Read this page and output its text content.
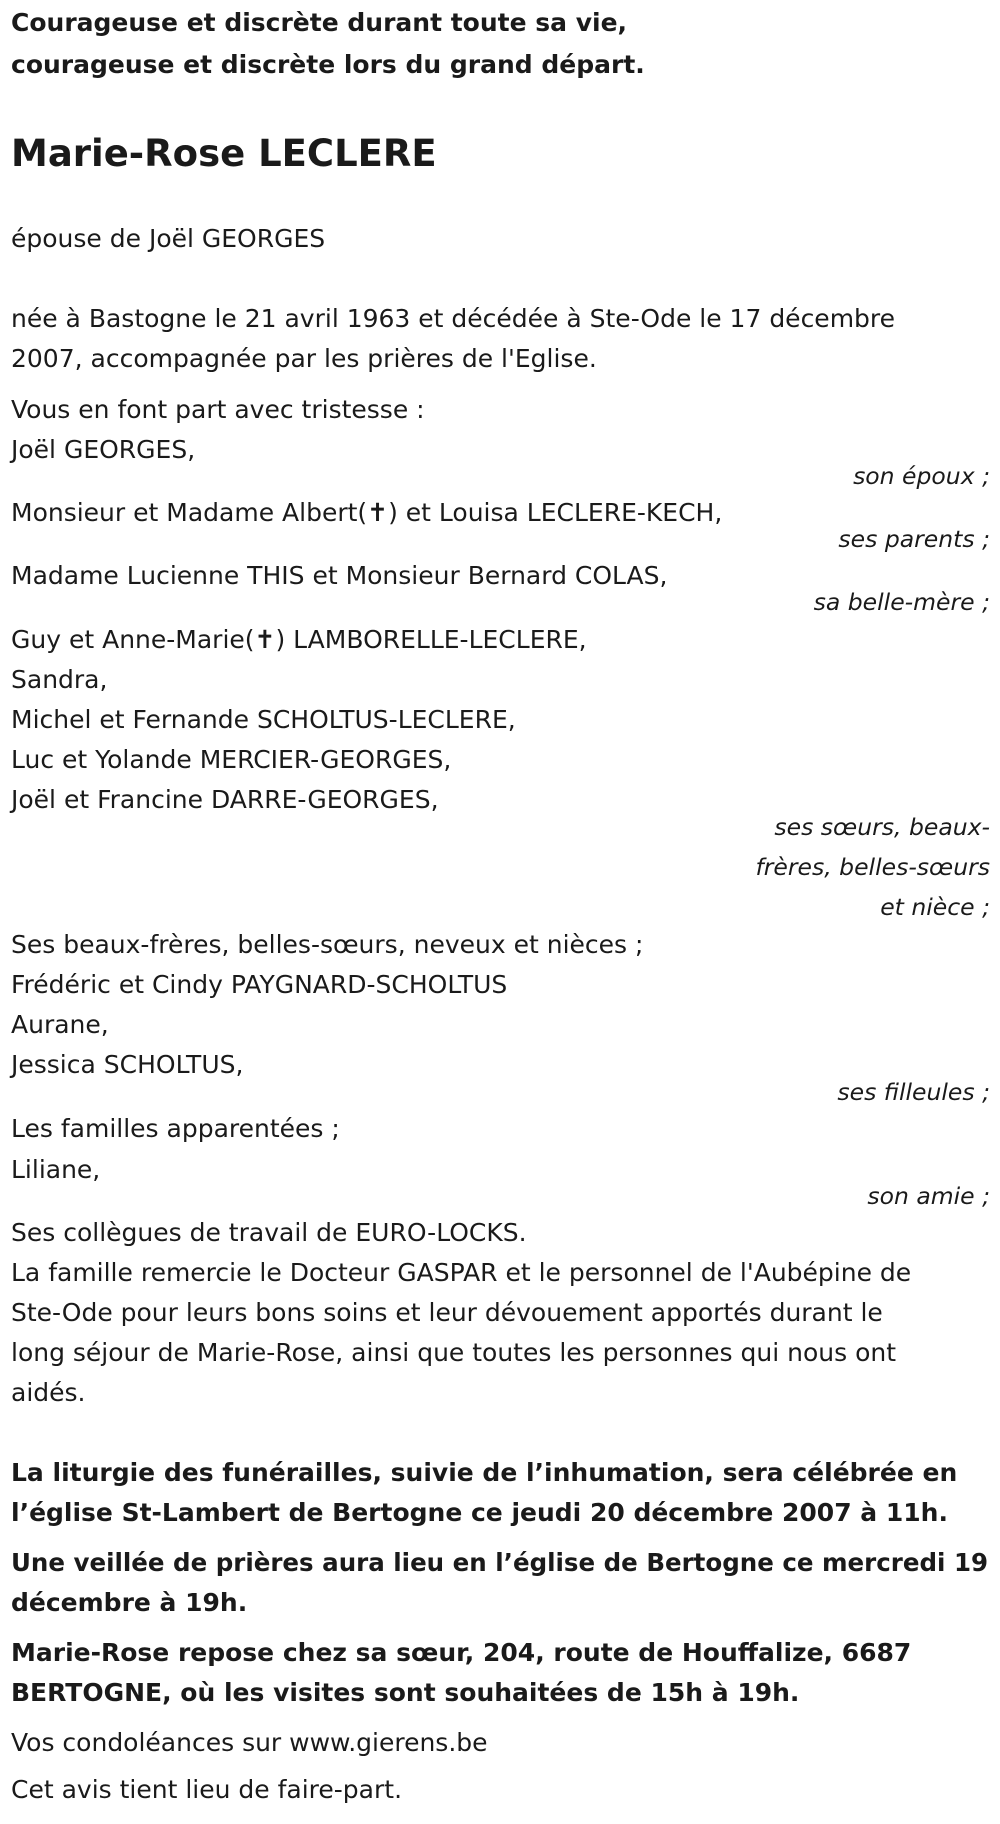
Courageuse et discrète durant toute sa vie,

courageuse et discrète lors du grand départ.

Marie-Rose LECLERE

épouse de Joël GEORGES

née à Bastogne le 21 avril 1963 et décédée à Ste-Ode le 17 décembre

2007, accompagnée par les prières de l'Eglise.

Vous en font part avec tristesse :

Joël GEORGES,

son époux ;

Monsieur et Madame Albert(✝) et Louisa LECLERE-KECH,

ses parents ;

Madame Lucienne THIS et Monsieur Bernard COLAS,

sa belle-mère ;

Guy et Anne-Marie(✝) LAMBORELLE-LECLERE,

Sandra,

Michel et Fernande SCHOLTUS-LECLERE,

Luc et Yolande MERCIER-GEORGES,

Joël et Francine DARRE-GEORGES,

ses sœurs, beaux-

frères, belles-sœurs

et nièce ;

Ses beaux-frères, belles-sœurs, neveux et nièces ;

Frédéric et Cindy PAYGNARD-SCHOLTUS

Aurane,

Jessica SCHOLTUS,

ses filleules ;

Les familles apparentées ;

Liliane,

son amie ;

Ses collègues de travail de EURO-LOCKS.

La famille remercie le Docteur GASPAR et le personnel de l'Aubépine de

Ste-Ode pour leurs bons soins et leur dévouement apportés durant le

long séjour de Marie-Rose, ainsi que toutes les personnes qui nous ont

aidés.

La liturgie des funérailles, suivie de l’inhumation, sera célébrée en

l’église St-Lambert de Bertogne ce jeudi 20 décembre 2007 à 11h.

Une veillée de prières aura lieu en l’église de Bertogne ce mercredi 19

décembre à 19h.

Marie-Rose repose chez sa sœur, 204, route de Houffalize, 6687

BERTOGNE, où les visites sont souhaitées de 15h à 19h.

Vos condoléances sur www.gierens.be

Cet avis tient lieu de faire-part.
